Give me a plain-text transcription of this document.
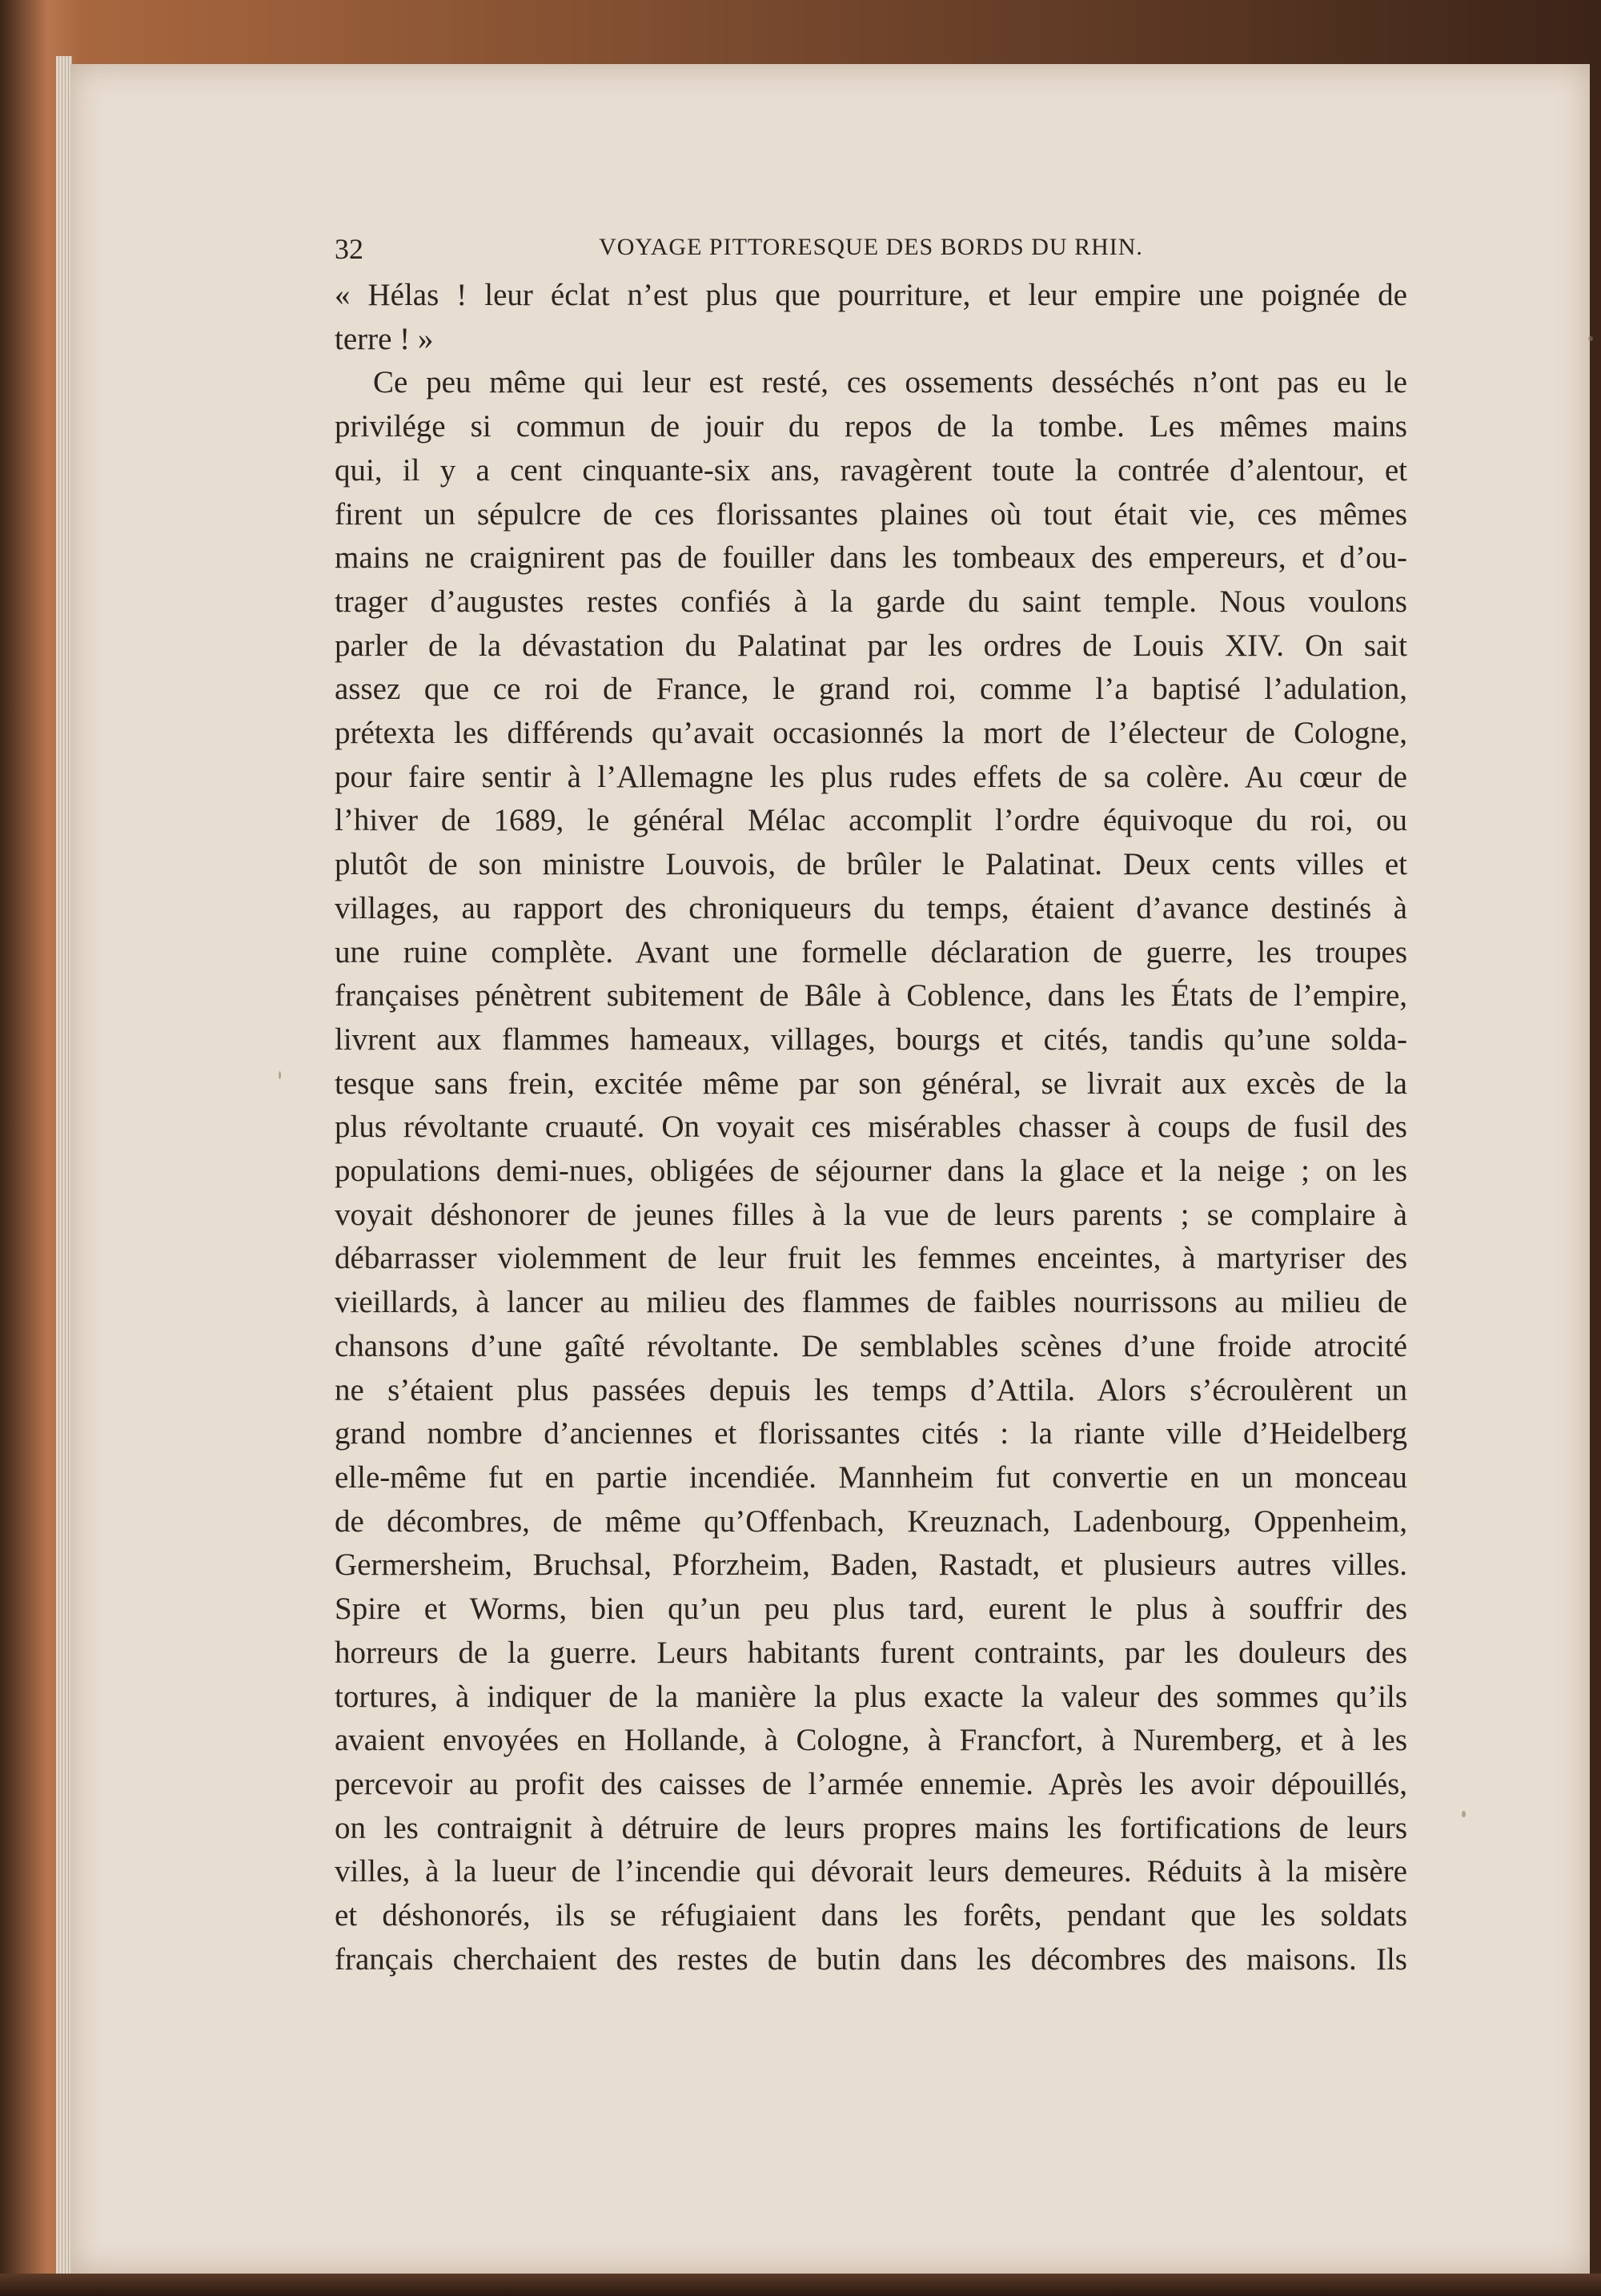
32	VOYAGE PITTORESQUE DES BORDS DU RHIN.
« Hélas ! leur éclat n’est plus que pourriture, et leur empire une poignée de
terre ! »
Ce peu même qui leur est resté, ces ossements desséchés n’ont pas eu le
privilége si commun de jouir du repos de la tombe. Les mêmes mains
qui, il y a cent cinquante-six ans, ravagèrent toute la contrée d’alentour, et
firent un sépulcre de ces florissantes plaines où tout était vie, ces mêmes
mains ne craignirent pas de fouiller dans les tombeaux des empereurs, et d’ou-
trager d’augustes restes confiés à la garde du saint temple. Nous voulons
parler de la dévastation du Palatinat par les ordres de Louis XIV. On sait
assez que ce roi de France, le grand roi, comme l’a baptisé l’adulation,
prétexta les différends qu’avait occasionnés la mort de l’électeur de Cologne,
pour faire sentir à l’Allemagne les plus rudes effets de sa colère. Au cœur de
l’hiver de 1689, le général Mélac accomplit l’ordre équivoque du roi, ou
plutôt de son ministre Louvois, de brûler le Palatinat. Deux cents villes et
villages, au rapport des chroniqueurs du temps, étaient d’avance destinés à
une ruine complète. Avant une formelle déclaration de guerre, les troupes
françaises pénètrent subitement de Bâle à Coblence, dans les États de l’empire,
livrent aux flammes hameaux, villages, bourgs et cités, tandis qu’une solda-
tesque sans frein, excitée même par son général, se livrait aux excès de la
plus révoltante cruauté. On voyait ces misérables chasser à coups de fusil des
populations demi-nues, obligées de séjourner dans la glace et la neige ; on les
voyait déshonorer de jeunes filles à la vue de leurs parents ; se complaire à
débarrasser violemment de leur fruit les femmes enceintes, à martyriser des
vieillards, à lancer au milieu des flammes de faibles nourrissons au milieu de
chansons d’une gaîté révoltante. De semblables scènes d’une froide atrocité
ne s’étaient plus passées depuis les temps d’Attila. Alors s’écroulèrent un
grand nombre d’anciennes et florissantes cités : la riante ville d’Heidelberg
elle-même fut en partie incendiée. Mannheim fut convertie en un monceau
de décombres, de même qu’Offenbach, Kreuznach, Ladenbourg, Oppenheim,
Germersheim, Bruchsal, Pforzheim, Baden, Rastadt, et plusieurs autres villes.
Spire et Worms, bien qu’un peu plus tard, eurent le plus à souffrir des
horreurs de la guerre. Leurs habitants furent contraints, par les douleurs des
tortures, à indiquer de la manière la plus exacte la valeur des sommes qu’ils
avaient envoyées en Hollande, à Cologne, à Francfort, à Nuremberg, et à les
percevoir au profit des caisses de l’armée ennemie. Après les avoir dépouillés,
on les contraignit à détruire de leurs propres mains les fortifications de leurs
villes, à la lueur de l’incendie qui dévorait leurs demeures. Réduits à la misère
et déshonorés, ils se réfugiaient dans les forêts, pendant que les soldats
français cherchaient des restes de butin dans les décombres des maisons. Ils
